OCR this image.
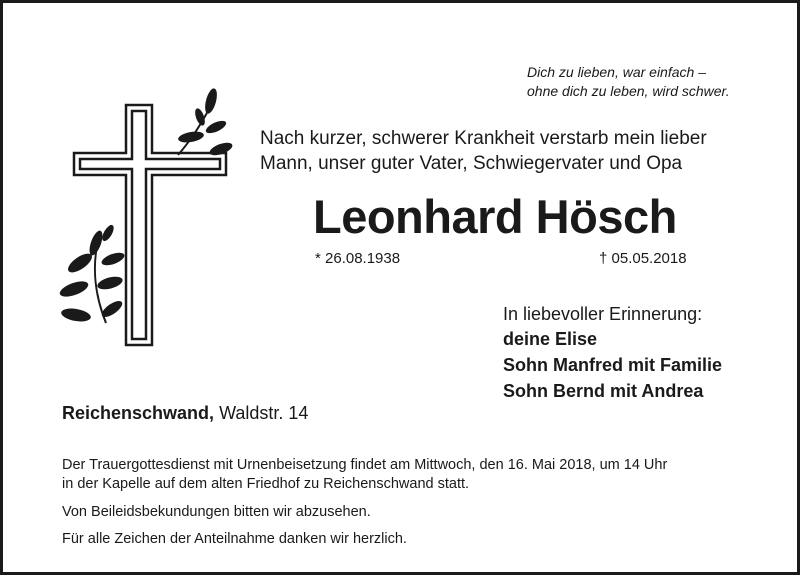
Dich zu lieben, war einfach –
ohne dich zu leben, wird schwer.
Nach kurzer, schwerer Krankheit verstarb mein lieber
Mann, unser guter Vater, Schwiegervater und Opa
Leonhard Hösch
* 26.08.1938	† 05.05.2018
In liebevoller Erinnerung:
deine Elise
Sohn Manfred mit Familie
Sohn Bernd mit Andrea
Reichenschwand, Waldstr. 14
Der Trauergottesdienst mit Urnenbeisetzung findet am Mittwoch, den 16. Mai 2018, um 14 Uhr
in der Kapelle auf dem alten Friedhof zu Reichenschwand statt.
Von Beileidsbekundungen bitten wir abzusehen.
Für alle Zeichen der Anteilnahme danken wir herzlich.
